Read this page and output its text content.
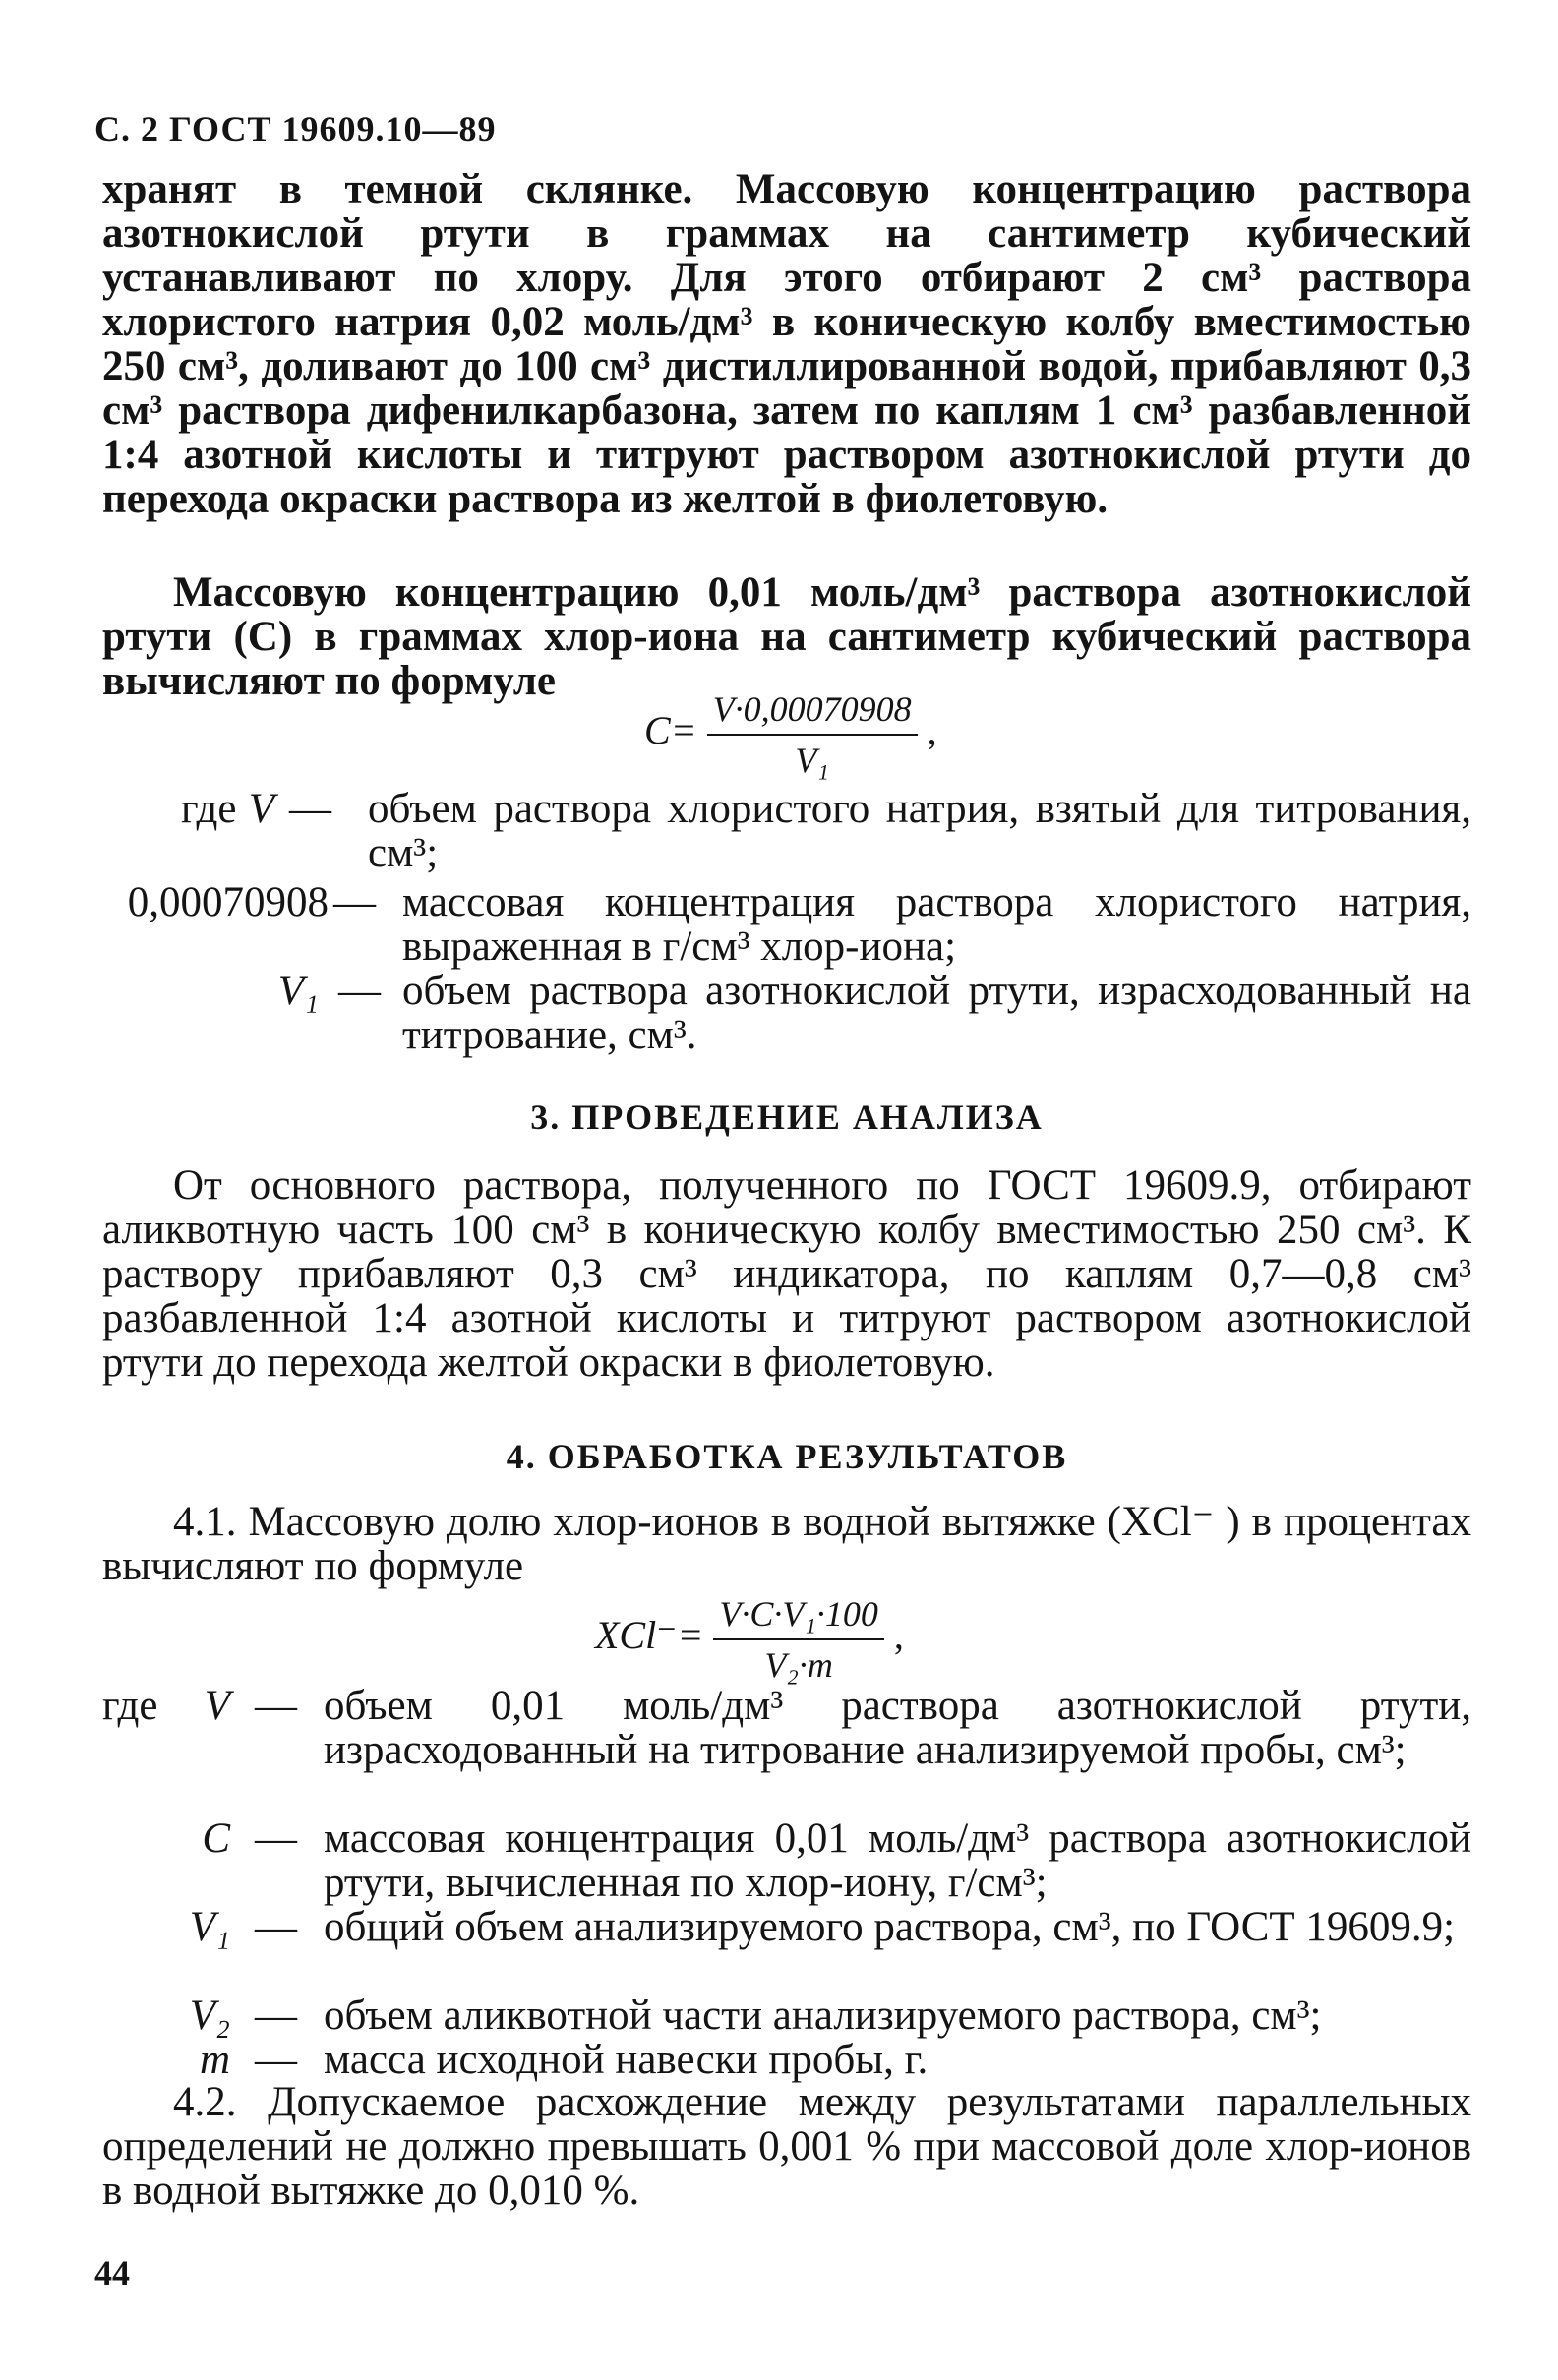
С. 2 ГОСТ 19609.10—89

хранят в темной склянке. Массовую концентрацию раствора азотнокислой ртути в граммах на сантиметр кубический устанавливают по хлору. Для этого отбирают 2 см³ раствора хлористого натрия 0,02 моль/дм³ в коническую колбу вместимостью 250 см³, доливают до 100 см³ дистиллированной водой, прибавляют 0,3 см³ раствора дифенилкарбазона, затем по каплям 1 см³ разбавленной 1:4 азотной кислоты и титруют раствором азотнокислой ртути до перехода окраски раствора из желтой в фиолетовую.

Массовую концентрацию 0,01 моль/дм³ раствора азотнокислой ртути (С) в граммах хлор-иона на сантиметр кубический раствора вычисляют по формуле

$C= \frac{V\cdot 0,00070908}{\text{V₁}}$ ,
где V — объем раствора хлористого натрия, взятый для титрования, см³;
0,00070908 — массовая концентрация раствора хлористого натрия, выраженная в г/см³ хлор-иона;
V₁ — объем раствора азотнокислой ртути, израсходованный на титрование, см³.
3. ПРОВЕДЕНИЕ АНАЛИЗА

От основного раствора, полученного по ГОСТ 19609.9, отбирают аликвотную часть 100 см³ в коническую колбу вместимостью 250 см³. К раствору прибавляют 0,3 см³ индикатора, по каплям 0,7—0,8 см³ разбавленной 1:4 азотной кислоты и титруют раствором азотнокислой ртути до перехода желтой окраски в фиолетовую.

4. ОБРАБОТКА РЕЗУЛЬТАТОВ

4.1. Массовую долю хлор-ионов в водной вытяжке (XCl⁻ ) в процентах вычисляют по формуле

$XCl^-= \frac{\text{V·C·V₁·100}}{\text{V₂·m}}$ ,
где	V — объем 0,01 моль/дм³ раствора азотнокислой ртути, израсходованный на титрование анализируемой пробы, см³;
C — массовая концентрация 0,01 моль/дм³ раствора азотнокислой ртути, вычисленная по хлор-иону, г/см³;
V₁ — общий объем анализируемого раствора, см³, по ГОСТ 19609.9;
V₂ — объем аликвотной части анализируемого раствора, см³;
m — масса исходной навески пробы, г.

4.2. Допускаемое расхождение между результатами параллельных определений не должно превышать 0,001 % при массовой доле хлор-ионов в водной вытяжке до 0,010 %.

44
